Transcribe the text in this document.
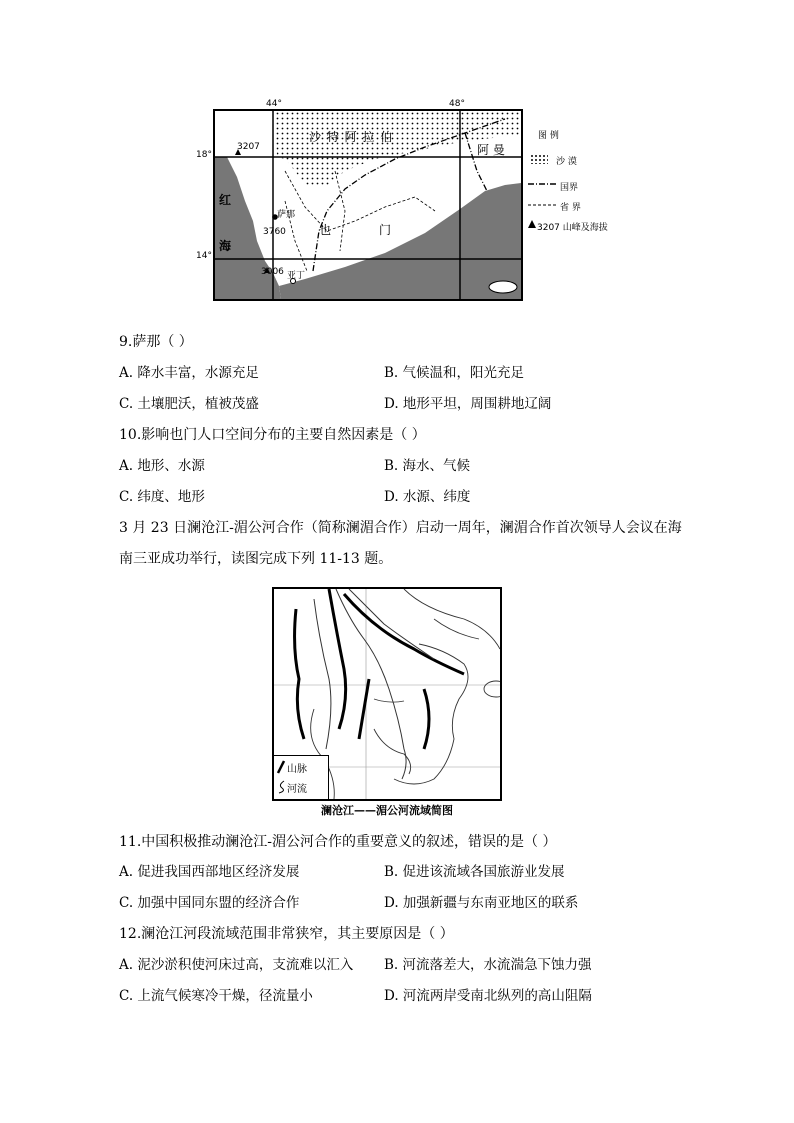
3207
沙 特 阿 拉 伯
阿 曼
红
海
萨那
3760	也	门
3006 亚丁
44°	48°
18°
14°
图 例
沙 漠
国界
省 界
3207 山峰及海拔
9.萨那（ ）
A. 降水丰富，水源充足	B. 气候温和，阳光充足
C. 土壤肥沃，植被茂盛	D. 地形平坦，周围耕地辽阔
10.影响也门人口空间分布的主要自然因素是（ ）
A. 地形、水源	B. 海水、气候
C. 纬度、地形	D. 水源、纬度
3 月 23 日澜沧江-湄公河合作（简称澜湄合作）启动一周年，澜湄合作首次领导人会议在海
南三亚成功举行，读图完成下列 11-13 题。
山脉
河流
澜沧江——湄公河流域简图
11.中国积极推动澜沧江-湄公河合作的重要意义的叙述，错误的是（ ）
A. 促进我国西部地区经济发展	B. 促进该流域各国旅游业发展
C. 加强中国同东盟的经济合作	D. 加强新疆与东南亚地区的联系
12.澜沧江河段流域范围非常狭窄，其主要原因是（ ）
A. 泥沙淤积使河床过高，支流难以汇入 B. 河流落差大，水流湍急下蚀力强
C. 上流气候寒冷干燥，径流量小	D. 河流两岸受南北纵列的高山阻隔
